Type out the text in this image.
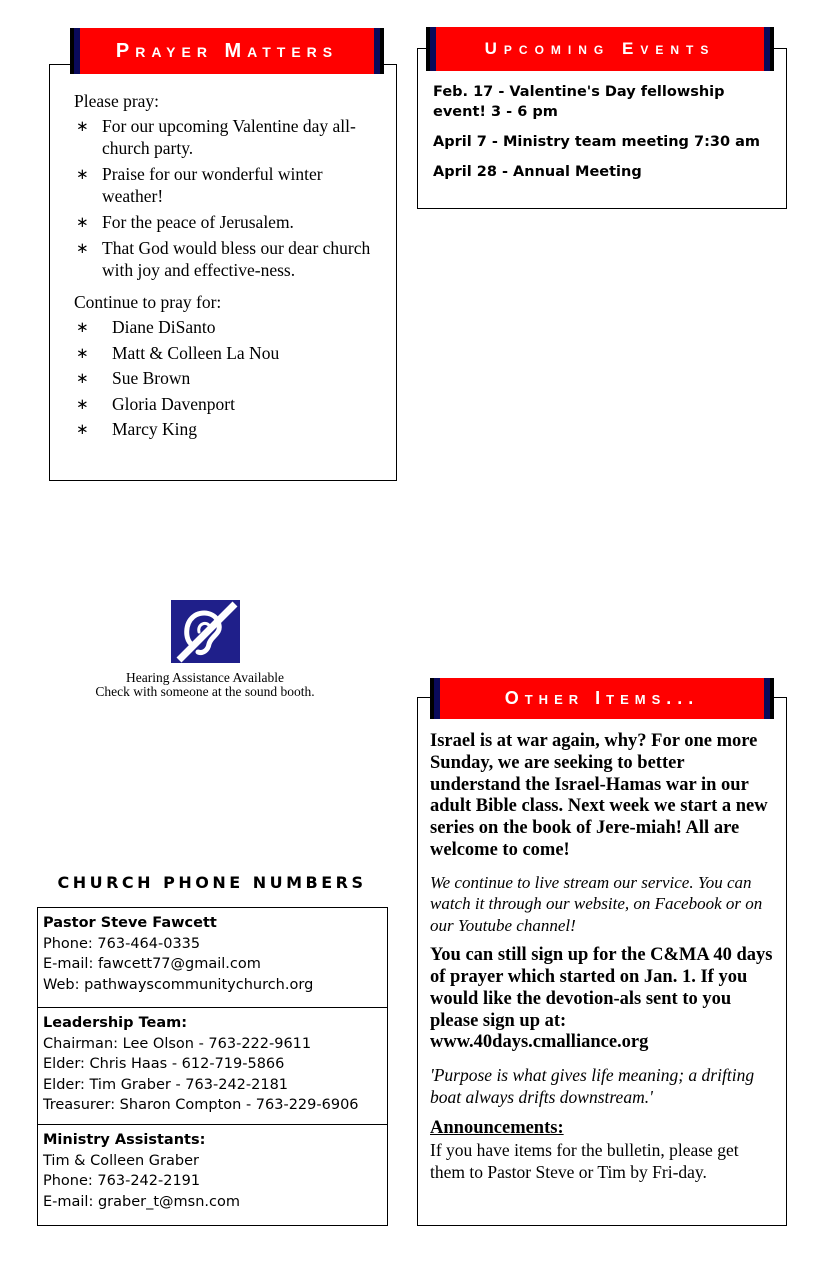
Please pray:
∗ For our upcoming Valentine day all-church party.
∗ Praise for our wonderful winter weather!
∗ For the peace of Jerusalem.
∗ That God would bless our dear church with joy and effective-ness.
Continue to pray for:
∗ Diane DiSanto
∗ Matt & Colleen La Nou
∗ Sue Brown
∗ Gloria Davenport
∗ Marcy King
Prayer Matters
Feb. 17 - Valentine's Day fellowship event! 3 - 6 pm
April 7 - Ministry team meeting 7:30 am
April 28 - Annual Meeting
Upcoming Events
Hearing Assistance Available
Check with someone at the sound booth.
CHURCH PHONE NUMBERS
Pastor Steve Fawcett
Phone: 763-464-0335
E-mail: fawcett77@gmail.com
Web: pathwayscommunitychurch.org
Leadership Team:
Chairman: Lee Olson - 763-222-9611
Elder: Chris Haas - 612-719-5866
Elder: Tim Graber - 763-242-2181
Treasurer: Sharon Compton - 763-229-6906
Ministry Assistants:
Tim & Colleen Graber
Phone: 763-242-2191
E-mail: graber_t@msn.com
Israel is at war again, why? For one more Sunday, we are seeking to better understand the Israel-Hamas war in our adult Bible class. Next week we start a new series on the book of Jere-miah! All are welcome to come!
We continue to live stream our service. You can watch it through our website, on Facebook or on our Youtube channel!
You can still sign up for the C&MA 40 days of prayer which started on Jan. 1. If you would like the devotion-als sent to you please sign up at: www.40days.cmalliance.org
'Purpose is what gives life meaning; a drifting boat always drifts downstream.'
Announcements:
If you have items for the bulletin, please get them to Pastor Steve or Tim by Fri-day.
Other Items...
